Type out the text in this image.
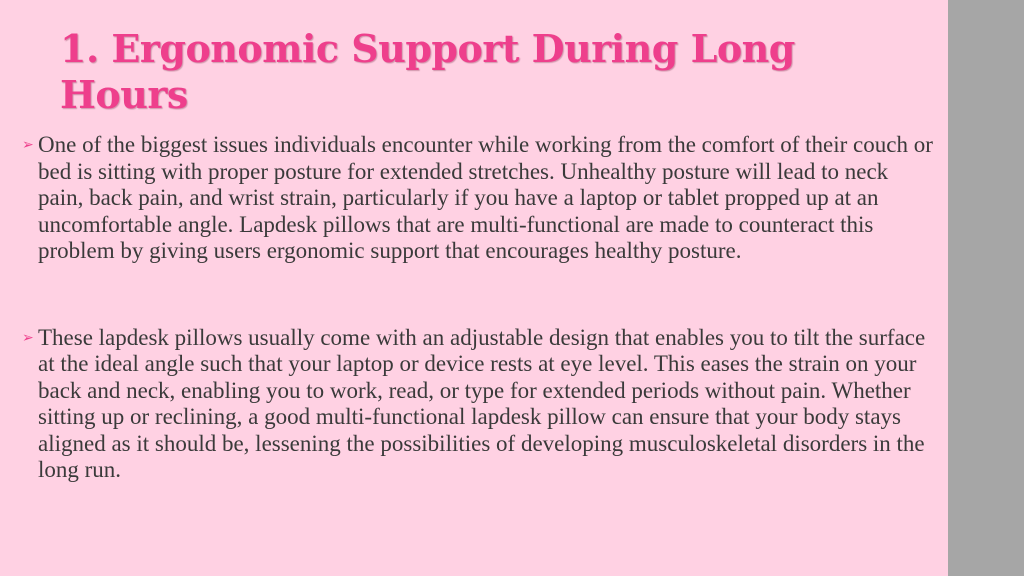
1. Ergonomic Support During Long Hours
➢ One of the biggest issues individuals encounter while working from the comfort of their couch or bed is sitting with proper posture for extended stretches. Unhealthy posture will lead to neck pain, back pain, and wrist strain, particularly if you have a laptop or tablet propped up at an uncomfortable angle. Lapdesk pillows that are multi-functional are made to counteract this problem by giving users ergonomic support that encourages healthy posture.
➢ These lapdesk pillows usually come with an adjustable design that enables you to tilt the surface at the ideal angle such that your laptop or device rests at eye level. This eases the strain on your back and neck, enabling you to work, read, or type for extended periods without pain. Whether sitting up or reclining, a good multi-functional lapdesk pillow can ensure that your body stays aligned as it should be, lessening the possibilities of developing musculoskeletal disorders in the long run.
